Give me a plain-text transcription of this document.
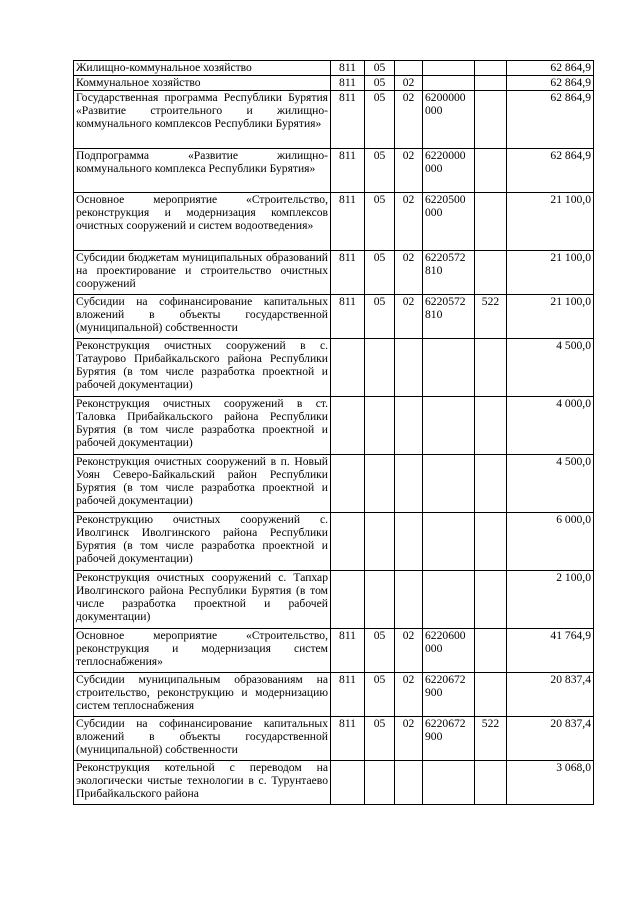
Жилищно-коммунальное хозяйство	811	05				62 864,9
Коммунальное хозяйство	811	05	02			62 864,9
Государственная программа Республики Бурятия «Развитие строительного и жилищно-коммунального комплексов Республики Бурятия»	811	05	02	6200000 000		62 864,9
Подпрограмма «Развитие жилищно-коммунального комплекса Республики Бурятия»	811	05	02	6220000 000		62 864,9
Основное мероприятие «Строительство, реконструкция и модернизация комплексов очистных сооружений и систем водоотведения»	811	05	02	6220500 000		21 100,0
Субсидии бюджетам муниципальных образований на проектирование и строительство очистных сооружений	811	05	02	6220572 810		21 100,0
Субсидии на софинансирование капитальных вложений в объекты государственной (муниципальной) собственности	811	05	02	6220572 810	522	21 100,0
Реконструкция очистных сооружений в с. Татаурово Прибайкальского района Республики Бурятия (в том числе разработка проектной и рабочей документации)						4 500,0
Реконструкция очистных сооружений в ст. Таловка Прибайкальского района Республики Бурятия (в том числе разработка проектной и рабочей документации)						4 000,0
Реконструкция очистных сооружений в п. Новый Уоян Северо-Байкальский район Республики Бурятия (в том числе разработка проектной и рабочей документации)						4 500,0
Реконструкцию очистных сооружений с. Иволгинск Иволгинского района Республики Бурятия (в том числе разработка проектной и рабочей документации)						6 000,0
Реконструкция очистных сооружений с. Тапхар Иволгинского района Республики Бурятия (в том числе разработка проектной и рабочей документации)						2 100,0
Основное мероприятие «Строительство, реконструкция и модернизация систем теплоснабжения»	811	05	02	6220600 000		41 764,9
Субсидии муниципальным образованиям на строительство, реконструкцию и модернизацию систем теплоснабжения	811	05	02	6220672 900		20 837,4
Субсидии на софинансирование капитальных вложений в объекты государственной (муниципальной) собственности	811	05	02	6220672 900	522	20 837,4
Реконструкция котельной с переводом на экологически чистые технологии в с. Турунтаево Прибайкальского района						3 068,0
